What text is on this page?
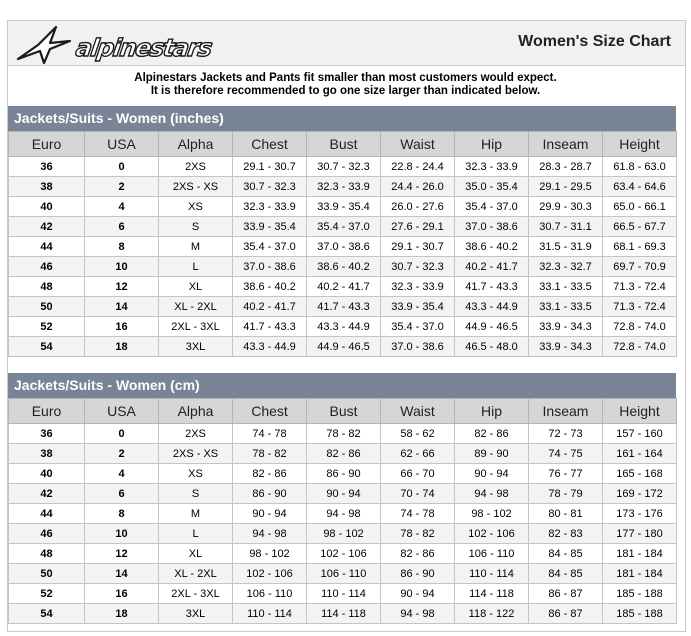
alpinestars	Women's Size Chart
Alpinestars Jackets and Pants fit smaller than most customers would expect.
It is therefore recommended to go one size larger than indicated below.
Jackets/Suits - Women (inches)
Euro	USA	Alpha	Chest	Bust	Waist	Hip	Inseam	Height
36	0	2XS	29.1 - 30.7	30.7 - 32.3	22.8 - 24.4	32.3 - 33.9	28.3 - 28.7	61.8 - 63.0
38	2	2XS - XS	30.7 - 32.3	32.3 - 33.9	24.4 - 26.0	35.0 - 35.4	29.1 - 29.5	63.4 - 64.6
40	4	XS	32.3 - 33.9	33.9 - 35.4	26.0 - 27.6	35.4 - 37.0	29.9 - 30.3	65.0 - 66.1
42	6	S	33.9 - 35.4	35.4 - 37.0	27.6 - 29.1	37.0 - 38.6	30.7 - 31.1	66.5 - 67.7
44	8	M	35.4 - 37.0	37.0 - 38.6	29.1 - 30.7	38.6 - 40.2	31.5 - 31.9	68.1 - 69.3
46	10	L	37.0 - 38.6	38.6 - 40.2	30.7 - 32.3	40.2 - 41.7	32.3 - 32.7	69.7 - 70.9
48	12	XL	38.6 - 40.2	40.2 - 41.7	32.3 - 33.9	41.7 - 43.3	33.1 - 33.5	71.3 - 72.4
50	14	XL - 2XL	40.2 - 41.7	41.7 - 43.3	33.9 - 35.4	43.3 - 44.9	33.1 - 33.5	71.3 - 72.4
52	16	2XL - 3XL	41.7 - 43.3	43.3 - 44.9	35.4 - 37.0	44.9 - 46.5	33.9 - 34.3	72.8 - 74.0
54	18	3XL	43.3 - 44.9	44.9 - 46.5	37.0 - 38.6	46.5 - 48.0	33.9 - 34.3	72.8 - 74.0
Jackets/Suits - Women (cm)
Euro	USA	Alpha	Chest	Bust	Waist	Hip	Inseam	Height
36	0	2XS	74 - 78	78 - 82	58 - 62	82 - 86	72 - 73	157 - 160
38	2	2XS - XS	78 - 82	82 - 86	62 - 66	89 - 90	74 - 75	161 - 164
40	4	XS	82 - 86	86 - 90	66 - 70	90 - 94	76 - 77	165 - 168
42	6	S	86 - 90	90 - 94	70 - 74	94 - 98	78 - 79	169 - 172
44	8	M	90 - 94	94 - 98	74 - 78	98 - 102	80 - 81	173 - 176
46	10	L	94 - 98	98 - 102	78 - 82	102 - 106	82 - 83	177 - 180
48	12	XL	98 - 102	102 - 106	82 - 86	106 - 110	84 - 85	181 - 184
50	14	XL - 2XL	102 - 106	106 - 110	86 - 90	110 - 114	84 - 85	181 - 184
52	16	2XL - 3XL	106 - 110	110 - 114	90 - 94	114 - 118	86 - 87	185 - 188
54	18	3XL	110 - 114	114 - 118	94 - 98	118 - 122	86 - 87	185 - 188
